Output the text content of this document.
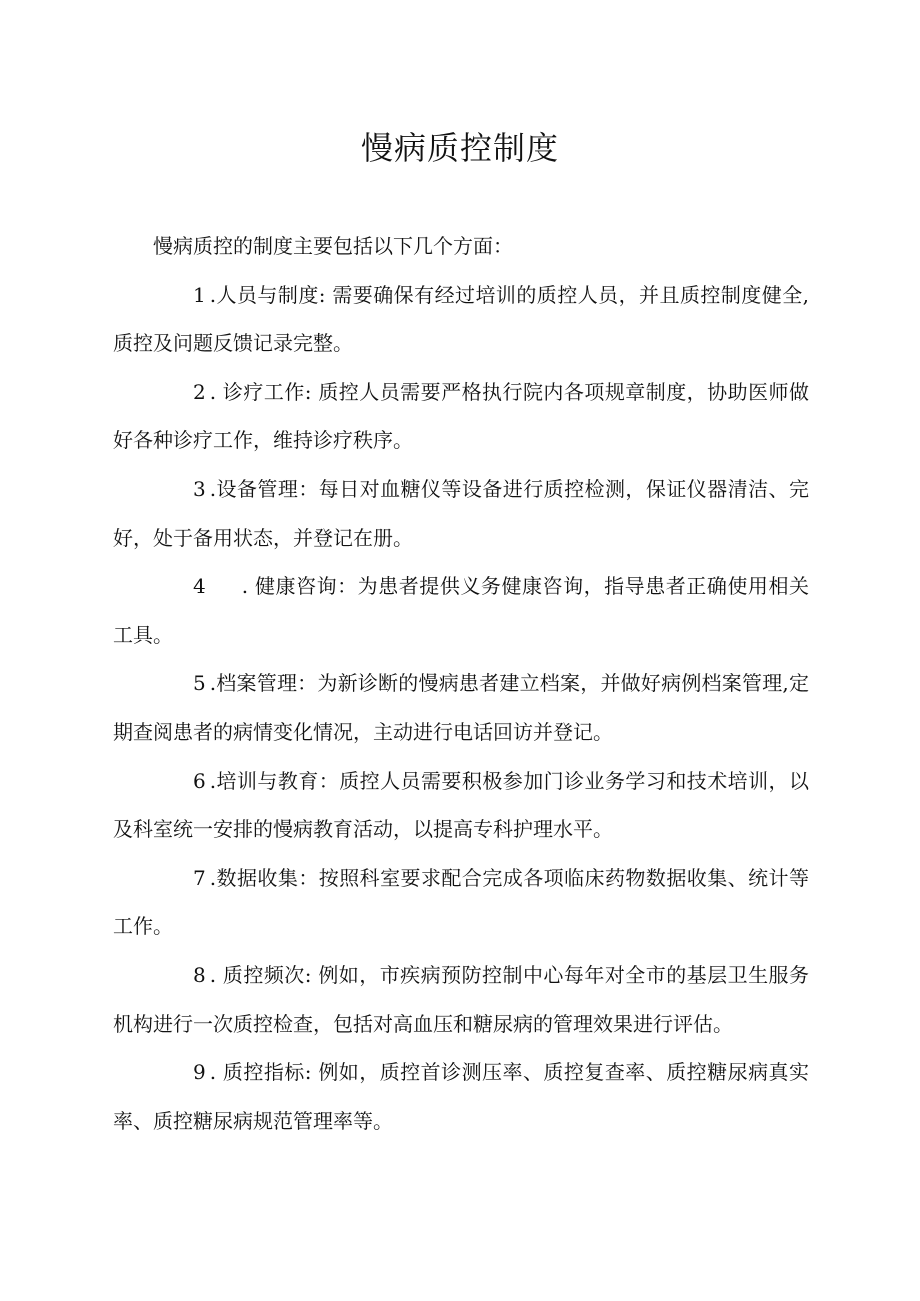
慢病质控制度

慢病质控的制度主要包括以下几个方面：

1 .人员与制度: 需要确保有经过培训的质控人员，并且质控制度健全,质控及问题反馈记录完整。

2 . 诊疗工作: 质控人员需要严格执行院内各项规章制度，协助医师做好各种诊疗工作，维持诊疗秩序。

3 .设备管理：每日对血糖仪等设备进行质控检测，保证仪器清洁、完好，处于备用状态，并登记在册。

4 . 健康咨询：为患者提供义务健康咨询，指导患者正确使用相关工具。

5 .档案管理：为新诊断的慢病患者建立档案，并做好病例档案管理,定期查阅患者的病情变化情况，主动进行电话回访并登记。

6 .培训与教育：质控人员需要积极参加门诊业务学习和技术培训，以及科室统一安排的慢病教育活动，以提高专科护理水平。

7 .数据收集：按照科室要求配合完成各项临床药物数据收集、统计等工作。

8 . 质控频次: 例如，市疾病预防控制中心每年对全市的基层卫生服务机构进行一次质控检查，包括对高血压和糖尿病的管理效果进行评估。

9 . 质控指标: 例如，质控首诊测压率、质控复查率、质控糖尿病真实率、质控糖尿病规范管理率等。
